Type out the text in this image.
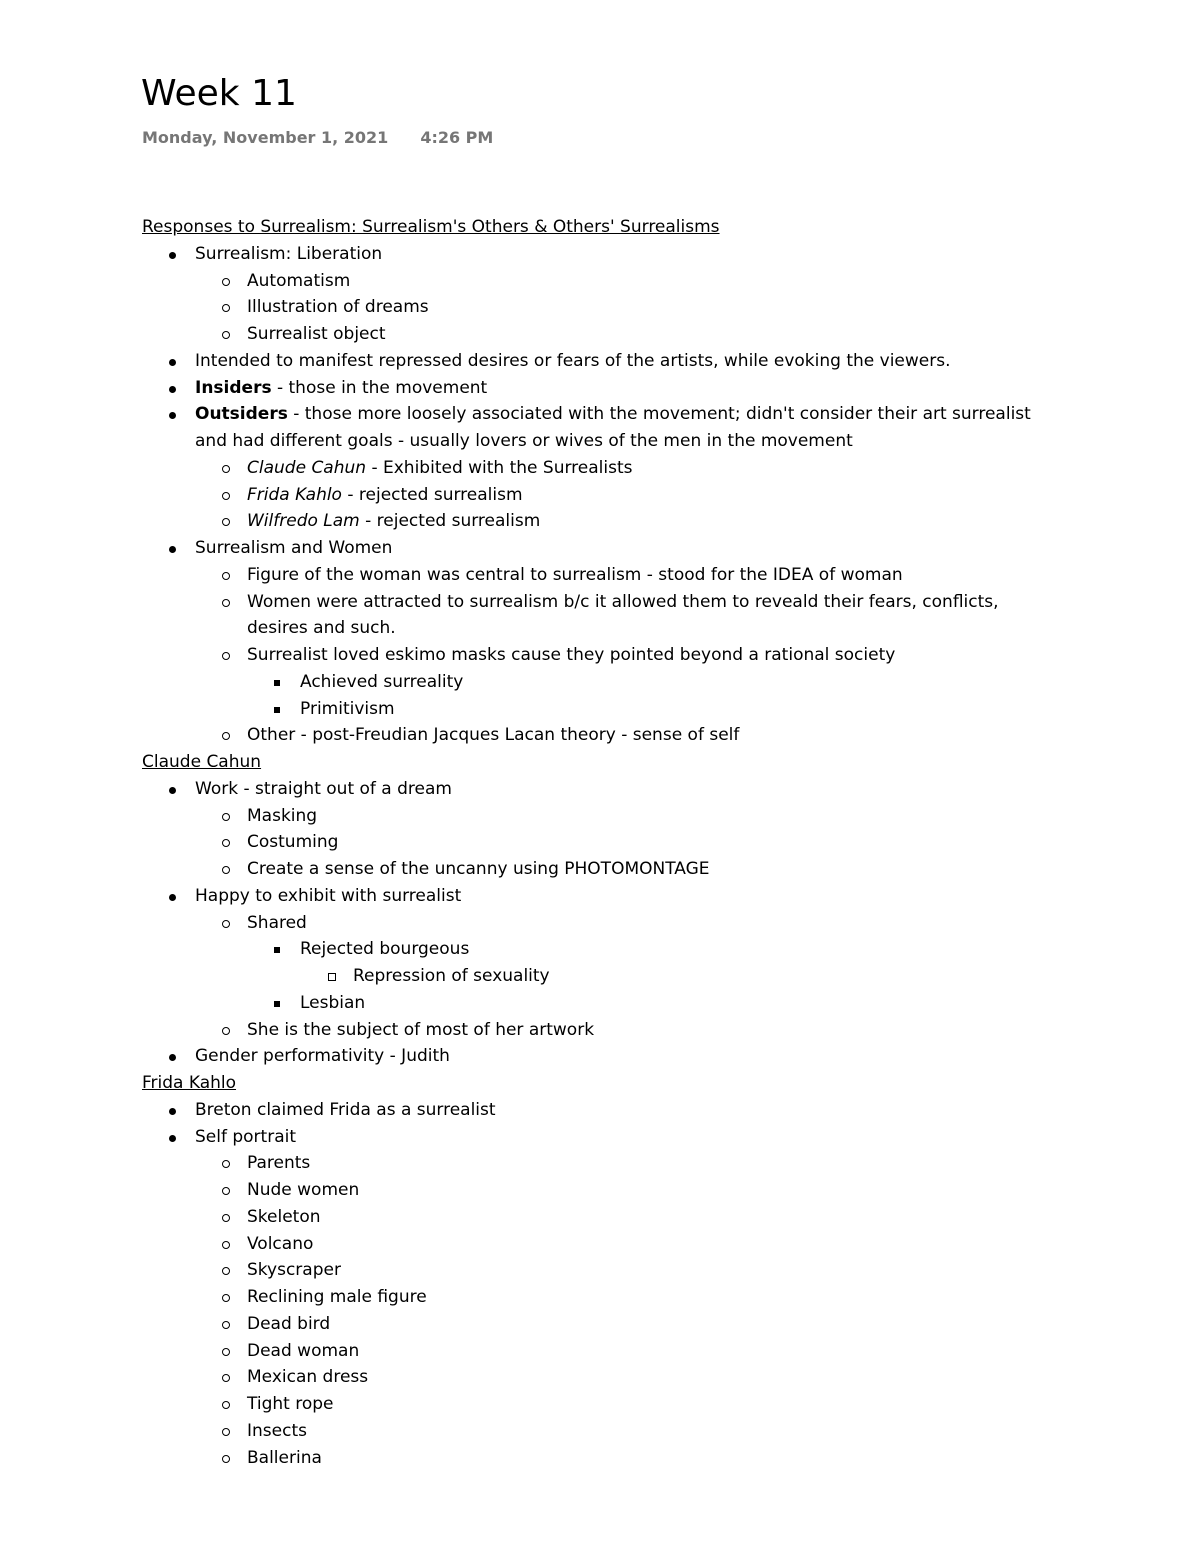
Week 11
Monday, November 1, 2021 4:26 PM
Responses to Surrealism: Surrealism's Others & Others' Surrealisms
Surrealism: Liberation
Automatism
Illustration of dreams
Surrealist object
Intended to manifest repressed desires or fears of the artists, while evoking the viewers.
Insiders - those in the movement
Outsiders - those more loosely associated with the movement; didn't consider their art surrealist and had different goals - usually lovers or wives of the men in the movement
Claude Cahun - Exhibited with the Surrealists
Frida Kahlo - rejected surrealism
Wilfredo Lam - rejected surrealism
Surrealism and Women
Figure of the woman was central to surrealism - stood for the IDEA of woman
Women were attracted to surrealism b/c it allowed them to reveald their fears, conflicts, desires and such.
Surrealist loved eskimo masks cause they pointed beyond a rational society
Achieved surreality
Primitivism
Other - post-Freudian Jacques Lacan theory - sense of self
Claude Cahun
Work - straight out of a dream
Masking
Costuming
Create a sense of the uncanny using PHOTOMONTAGE
Happy to exhibit with surrealist
Shared
Rejected bourgeous
Repression of sexuality
Lesbian
She is the subject of most of her artwork
Gender performativity - Judith
Frida Kahlo
Breton claimed Frida as a surrealist
Self portrait
Parents
Nude women
Skeleton
Volcano
Skyscraper
Reclining male figure
Dead bird
Dead woman
Mexican dress
Tight rope
Insects
Ballerina
